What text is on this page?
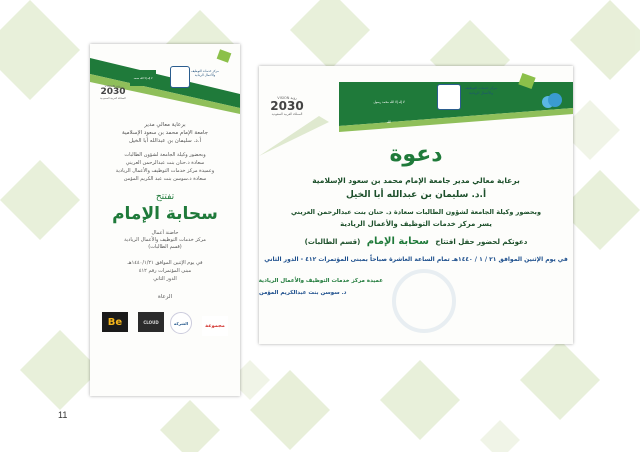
لا إله إلا الله محمد رسول الله
مركز خدمات التوظيف والأعمال الريادية
VISION رؤية
2030
المملكة العربية السعودية
برعاية معالي مدير
جامعة الإمام محمد بن سعود الإسلامية
أ.د. سليمان بن عبدالله أبا الخيل
وبحضور وكيلة الجامعة لشؤون الطالبات
سعادة د.حنان بنت عبدالرحمن العريني
وعميدة مركز خدمات التوظيف والأعمال الريادية
سعادة د.سوسن بنت عبد الكريم المؤمن
تفتتح
سحابة الإمام
حاضنة أعمال
مركز خدمات التوظيف والأعمال الريادية
(قسم الطالبات)
في يوم الإثنين الموافق ١٤٤٠/١/٢١هـ
مبنى المؤتمرات رقم ٤١٢
الدور الثاني
الرعاة
Be	CLOUD	الشركة	مجموعة
لا إله إلا الله محمد رسول الله
مركز خدمات التوظيف والأعمال الريادية
VISION رؤية
2030
المملكة العربية السعودية
دعوة
برعاية معالي مدير جامعة الإمام محمد بن سعود الإسلامية
أ.د. سليمان بن عبدالله أبا الخيل
وبحضور وكيلة الجامعة لشؤون الطالبات سعادة د. حنان بنت عبدالرحمن العريني
يسر مركز خدمات التوظيف والأعمال الريادية
دعوتكم لحضور حفل افتتاح سحابة الإمام (قسم الطالبات)
في يوم الإثنين الموافق ٢١ / ١ / ١٤٤٠هـ تمام الساعة العاشرة صباحاً بمبنى المؤتمرات ٤١٢ - الدور الثاني
عميدة مركز خدمات التوظيف والأعمال الريادية
د. سوسن بنت عبدالكريم المؤمن
11
